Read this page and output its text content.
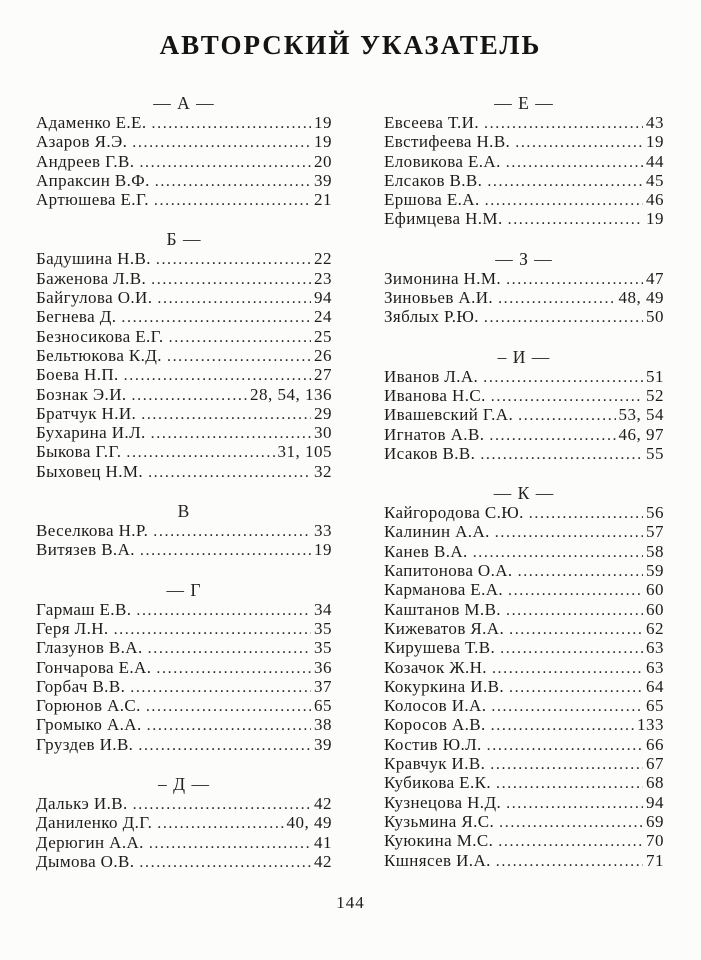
АВТОРСКИЙ УКАЗАТЕЛЬ
— А —
Адаменко Е.Е. .....	19
Азаров Я.Э. .....	19
Андреев Г.В. .....	20
Апраксин В.Ф. .....	39
Артюшева Е.Г. .....	21
Б —
Бадушина Н.В. .....	22
Баженова Л.В. .....	23
Байгулова О.И. .....	94
Бегнева Д. .....	24
Безносикова Е.Г. .....	25
Бельтюкова К.Д. .....	26
Боева Н.П. .....	27
Бознак Э.И. .....	28, 54, 136
Братчук Н.И. .....	29
Бухарина И.Л. .....	30
Быкова Г.Г. .....	31, 105
Быховец Н.М. .....	32
В
Веселкова Н.Р. .....	33
Витязев В.А. .....	19
— Г
Гармаш Е.В. .....	34
Геря Л.Н. .....	35
Глазунов В.А. .....	35
Гончарова Е.А. .....	36
Горбач В.В. .....	37
Горюнов А.С. .....	65
Громыко А.А. .....	38
Груздев И.В. .....	39
– Д —
Далькэ И.В. .....	42
Даниленко Д.Г. .....	40, 49
Дерюгин А.А. .....	41
Дымова О.В. .....	42
— Е —
Евсеева Т.И. .....	43
Евстифеева Н.В. .....	19
Еловикова Е.А. .....	44
Елсаков В.В. .....	45
Ершова Е.А. .....	46
Ефимцева Н.М. .....	19
— З —
Зимонина Н.М. .....	47
Зиновьев А.И. .....	48, 49
Зяблых Р.Ю. .....	50
– И —
Иванов Л.А. .....	51
Иванова Н.С. .....	52
Ивашевский Г.А. .....	53, 54
Игнатов А.В. .....	46, 97
Исаков В.В. .....	55
— К —
Кайгородова С.Ю. .....	56
Калинин А.А. .....	57
Канев В.А. .....	58
Капитонова О.А. .....	59
Карманова Е.А. .....	60
Каштанов М.В. .....	60
Кижеватов Я.А. .....	62
Кирушева Т.В. .....	63
Козачок Ж.Н. .....	63
Кокуркина И.В. .....	64
Колосов И.А. .....	65
Коросов А.В. .....	133
Костив Ю.Л. .....	66
Кравчук И.В. .....	67
Кубикова Е.К. .....	68
Кузнецова Н.Д. .....	94
Кузьмина Я.С. .....	69
Куюкина М.С. .....	70
Кшнясев И.А. .....	71
144
